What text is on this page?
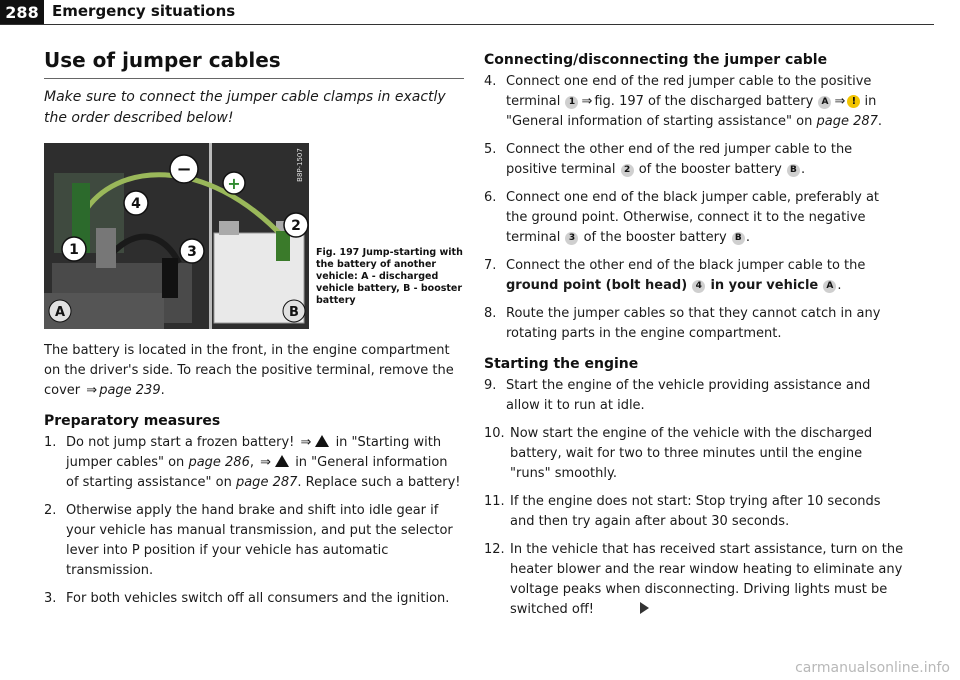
288 Emergency situations
Use of jumper cables

Make sure to connect the jumper cable clamps in exactly the order described below!

−
+
1
2
3
4
A	B
B8P-1507
Fig. 197 Jump-starting with the battery of another vehicle: A - discharged vehicle battery, B - booster battery

The battery is located in the front, in the engine compartment on the driver's side. To reach the positive terminal, remove the cover ⇒ page 239.

Preparatory measures
1. Do not jump start a frozen battery! ⇒ in "Starting with jumper cables" on page 286, ⇒ in "General information of starting assistance" on page 287. Replace such a battery!
2. Otherwise apply the hand brake and shift into idle gear if your vehicle has manual transmission, and put the selector lever into P position if your vehicle has automatic transmission.
3. For both vehicles switch off all consumers and the ignition.
Connecting/disconnecting the jumper cable
4. Connect one end of the red jumper cable to the positive terminal 1 ⇒ fig. 197 of the discharged battery A ⇒ ! in "General information of starting assistance" on page 287.
5. Connect the other end of the red jumper cable to the positive terminal 2 of the booster battery B .
6. Connect one end of the black jumper cable, preferably at the ground point. Otherwise, connect it to the negative terminal 3 of the booster battery B .
7. Connect the other end of the black jumper cable to the ground point (bolt head) 4 in your vehicle A .
8. Route the jumper cables so that they cannot catch in any rotating parts in the engine compartment.
Starting the engine
9. Start the engine of the vehicle providing assistance and allow it to run at idle.
10. Now start the engine of the vehicle with the discharged battery, wait for two to three minutes until the engine "runs" smoothly.
11. If the engine does not start: Stop trying after 10 seconds and then try again after about 30 seconds.
12. In the vehicle that has received start assistance, turn on the heater blower and the rear window heating to eliminate any voltage peaks when disconnecting. Driving lights must be switched off!
carmanualsonline.info
